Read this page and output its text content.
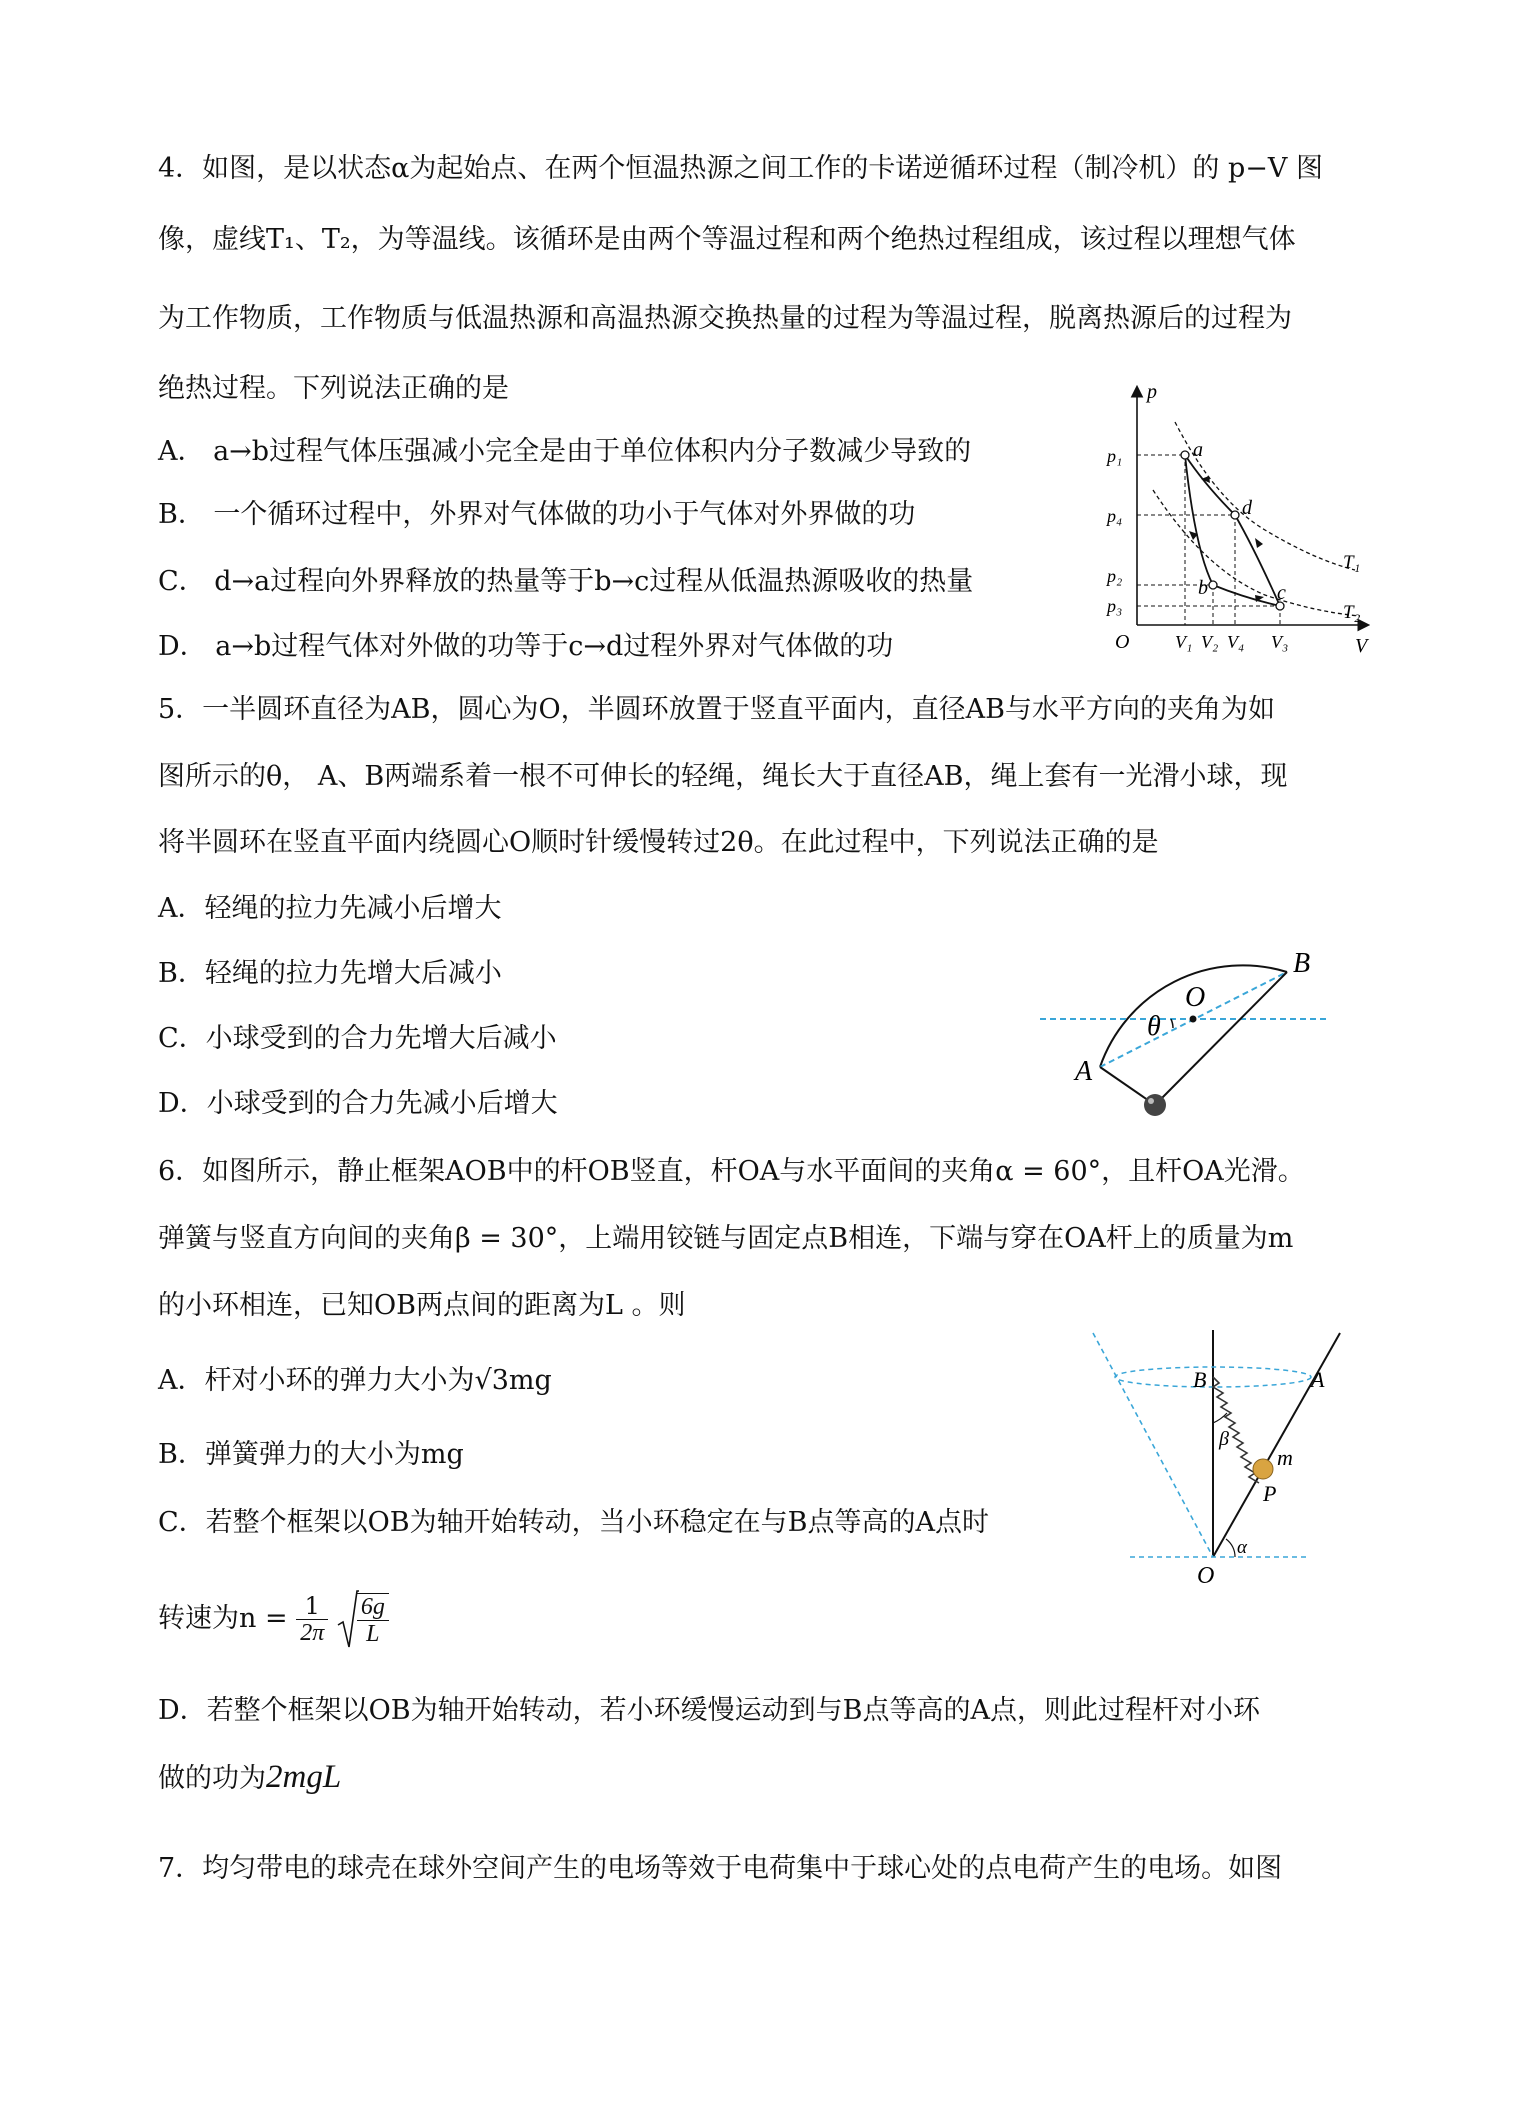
4．如图，是以状态α为起始点、在两个恒温热源之间工作的卡诺逆循环过程（制冷机）的 p−V 图
像，虚线T₁、T₂，为等温线。该循环是由两个等温过程和两个绝热过程组成，该过程以理想气体
为工作物质，工作物质与低温热源和高温热源交换热量的过程为等温过程，脱离热源后的过程为
绝热过程。下列说法正确的是
A． a→b过程气体压强减小完全是由于单位体积内分子数减少导致的
B． 一个循环过程中，外界对气体做的功小于气体对外界做的功
C． d→a过程向外界释放的热量等于b→c过程从低温热源吸收的热量
D． a→b过程气体对外做的功等于c→d过程外界对气体做的功
p
V
O
a
d
b	c
p₁
p₄
p₂
p₃
V₁ V₂ V₄ V₃
T₁
T₂
5．一半圆环直径为AB，圆心为O，半圆环放置于竖直平面内，直径AB与水平方向的夹角为如
图所示的θ， A、B两端系着一根不可伸长的轻绳，绳长大于直径AB，绳上套有一光滑小球，现
将半圆环在竖直平面内绕圆心O顺时针缓慢转过2θ。在此过程中，下列说法正确的是
A．轻绳的拉力先减小后增大
B．轻绳的拉力先增大后减小
C．小球受到的合力先增大后减小
D．小球受到的合力先减小后增大
O
B
A
θ
6．如图所示，静止框架AOB中的杆OB竖直，杆OA与水平面间的夹角α = 60°，且杆OA光滑。
弹簧与竖直方向间的夹角β = 30°，上端用铰链与固定点B相连，下端与穿在OA杆上的质量为m
的小环相连，已知OB两点间的距离为L 。则
A．杆对小环的弹力大小为√3mg
B．弹簧弹力的大小为mg
C．若整个框架以OB为轴开始转动，当小环稳定在与B点等高的A点时
转速为$n = \frac{1}{2\pi}$
$\frac{6g}{L}$
D．若整个框架以OB为轴开始转动，若小环缓慢运动到与B点等高的A点，则此过程杆对小环
做的功为2mgL
B	A
β
m
P
O
α
7．均匀带电的球壳在球外空间产生的电场等效于电荷集中于球心处的点电荷产生的电场。如图
